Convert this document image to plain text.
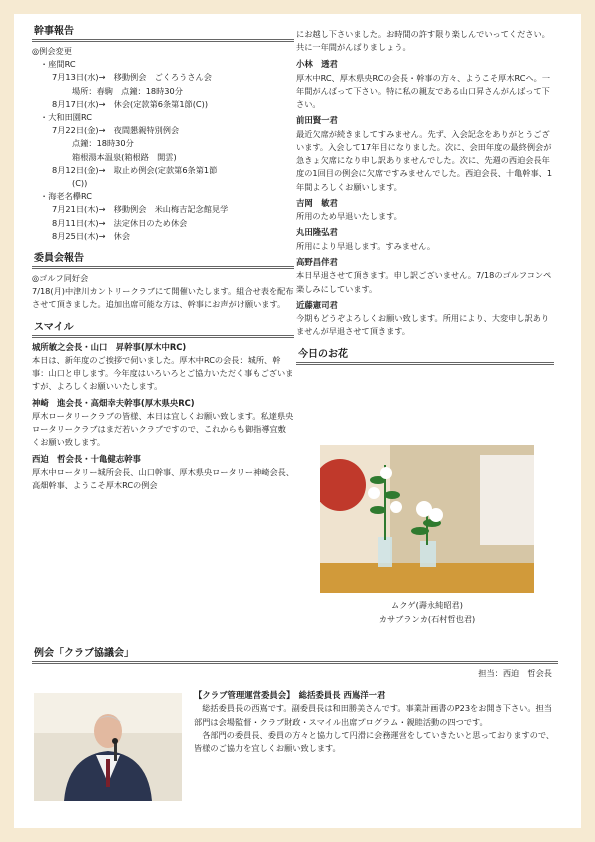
幹事報告
◎例会変更
・座間RC
7月13日(水)→　移動例会　ごくろうさん会
場所：春駒　点鐘：18時30分
8月17日(水)→　休会(定款第6条第1節(C))
・大和田園RC
7月22日(金)→　夜間懇親特別例会
点鐘：18時30分
箱根湯本温泉(箱根路　開雲)
8月12日(金)→　取止め例会(定款第6条第1節
(C))
・海老名欅RC
7月21日(木)→　移動例会　米山梅吉記念館見学
8月11日(木)→　法定休日のため休会
8月25日(木)→　休会
委員会報告
◎ゴルフ同好会
7/18(月)中津川カントリークラブにて開催いたします。組合せ表を配布させて頂きました。追加出席可能な方は、幹事にお声がけ願います。
スマイル
城所敏之会長・山口　昇幹事(厚木中RC)
本日は、新年度のご挨拶で伺いました。厚木中RCの会長：城所、幹事：山口と申します。今年度はいろいろとご協力いただく事もございますが、よろしくお願いいたします。
神崎　進会長・高畑幸夫幹事(厚木県央RC)
厚木ロータリークラブの皆様、本日は宜しくお願い致します。私達県央ロータリークラブはまだ若いクラブですので、これからも御指導宜敷くお願い致します。
西迫　哲会長・十亀健志幹事
厚木中ロータリー城所会長、山口幹事、厚木県央ロータリー神崎会長、高畑幹事、ようこそ厚木RCの例会
にお越し下さいました。お時間の許す限り楽しんでいってください。共に一年間がんばりましょう。
小林　透君
厚木中RC、厚木県央RCの会長・幹事の方々、ようこそ厚木RCへ。一年間がんばって下さい。特に私の親友である山口昇さんがんばって下さい。
前田賢一君
最近欠席が続きましてすみません。先ず、入会記念をありがとうございます。入会して17年目になりました。次に、会田年度の最終例会が急きょ欠席になり申し訳ありませんでした。次に、先週の西迫会長年度の1回目の例会に欠席ですみませんでした。西迫会長、十亀幹事、1年間よろしくお願いします。
吉岡　敏君
所用のため早退いたします。
丸田隆弘君
所用により早退します。すみません。
高野昌伴君
本日早退させて頂きます。申し訳ございません。7/18のゴルフコンペ楽しみにしています。
近藤憲司君
今期もどうぞよろしくお願い致します。所用により、大変申し訳ありませんが早退させて頂きます。
今日のお花
ムクゲ(壽永純昭君)
カサブランカ(石村哲也君)
例会「クラブ協議会」
担当：西迫　哲会長
【クラブ管理運営委員会】　総括委員長 西嶌洋一君
総括委員長の西嶌です。副委員長は和田勝美さんです。事業計画書のP23をお開き下さい。担当部門は会場監督・クラブ財政・スマイル出席プログラム・親睦活動の四つです。
各部門の委員長、委員の方々と協力して円滑に会務運営をしていきたいと思っておりますので、皆様のご協力を宜しくお願い致します。
